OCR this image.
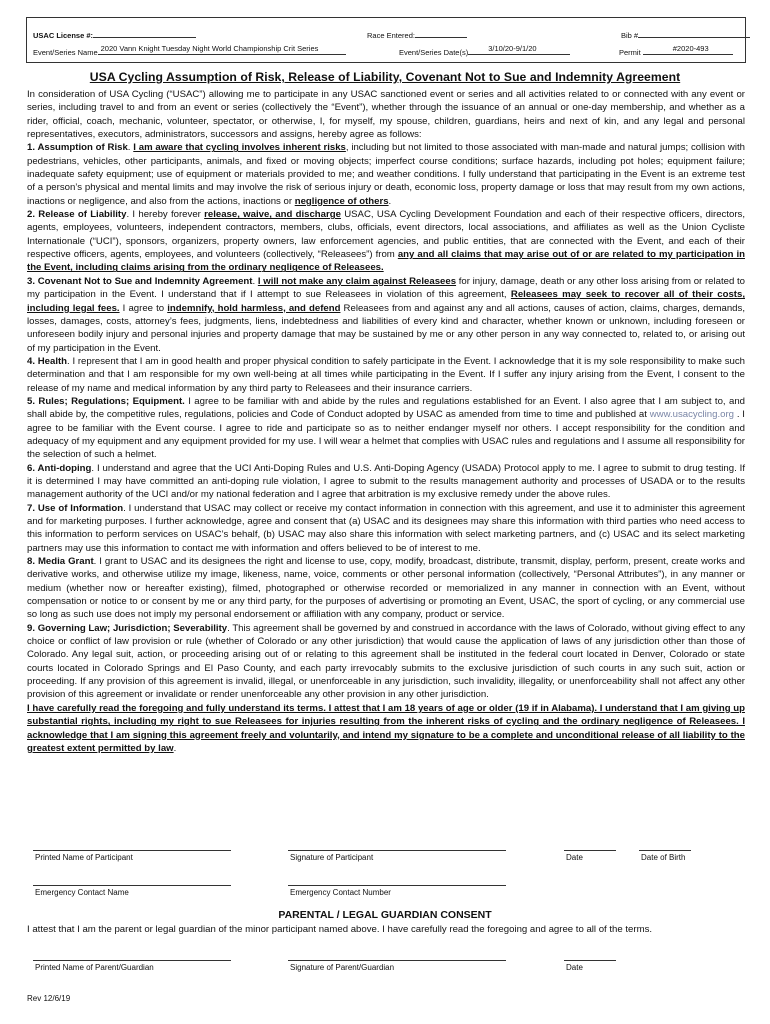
USAC License #:	Race Entered:	Bib #
Event/Series Name 2020 Vann Knight Tuesday Night World Championship Crit Series	Event/Series Date(s)	3/10/20-9/1/20	Permit	#2020-493
USA Cycling Assumption of Risk, Release of Liability, Covenant Not to Sue and Indemnity Agreement

In consideration of USA Cycling (“USAC”) allowing me to participate in any USAC sanctioned event or series and all activities related to or connected with any event or series, including travel to and from an event or series (collectively the “Event”), whether through the issuance of an annual or one-day membership, and whether as a rider, official, coach, mechanic, volunteer, spectator, or otherwise, I, for myself, my spouse, children, guardians, heirs and next of kin, and any legal and personal representatives, executors, administrators, successors and assigns, hereby agree as follows:

1. Assumption of Risk. I am aware that cycling involves inherent risks, including but not limited to those associated with man-made and natural jumps; collision with pedestrians, vehicles, other participants, animals, and fixed or moving objects; imperfect course conditions; surface hazards, including pot holes; equipment failure; inadequate safety equipment; use of equipment or materials provided to me; and weather conditions. I fully understand that participating in the Event is an extreme test of a person’s physical and mental limits and may involve the risk of serious injury or death, economic loss, property damage or loss that may result from my own actions, inactions or negligence, and also from the actions, inactions or negligence of others.

2. Release of Liability. I hereby forever release, waive, and discharge USAC, USA Cycling Development Foundation and each of their respective officers, directors, agents, employees, volunteers, independent contractors, members, clubs, officials, event directors, local associations, and affiliates as well as the Union Cycliste Internationale (“UCI”), sponsors, organizers, property owners, law enforcement agencies, and public entities, that are connected with the Event, and each of their respective officers, agents, employees, and volunteers (collectively, “Releasees”) from any and all claims that may arise out of or are related to my participation in the Event, including claims arising from the ordinary negligence of Releasees.

3. Covenant Not to Sue and Indemnity Agreement. I will not make any claim against Releasees for injury, damage, death or any other loss arising from or related to my participation in the Event. I understand that if I attempt to sue Releasees in violation of this agreement, Releasees may seek to recover all of their costs, including legal fees. I agree to indemnify, hold harmless, and defend Releasees from and against any and all actions, causes of action, claims, charges, demands, losses, damages, costs, attorney’s fees, judgments, liens, indebtedness and liabilities of every kind and character, whether known or unknown, including foreseen or unforeseen bodily injury and personal injuries and property damage that may be sustained by me or any other person in any way connected to, related to, or arising out of my participation in the Event.

4. Health. I represent that I am in good health and proper physical condition to safely participate in the Event. I acknowledge that it is my sole responsibility to make such determination and that I am responsible for my own well-being at all times while participating in the Event. If I suffer any injury arising from the Event, I consent to the release of my name and medical information by any third party to Releasees and their insurance carriers.

5. Rules; Regulations; Equipment. I agree to be familiar with and abide by the rules and regulations established for an Event. I also agree that I am subject to, and shall abide by, the competitive rules, regulations, policies and Code of Conduct adopted by USAC as amended from time to time and published at www.usacycling.org . I agree to be familiar with the Event course. I agree to ride and participate so as to neither endanger myself nor others. I accept responsibility for the condition and adequacy of my equipment and any equipment provided for my use. I will wear a helmet that complies with USAC rules and regulations and I assume all responsibility for the selection of such a helmet.

6. Anti-doping. I understand and agree that the UCI Anti-Doping Rules and U.S. Anti-Doping Agency (USADA) Protocol apply to me. I agree to submit to drug testing. If it is determined I may have committed an anti-doping rule violation, I agree to submit to the results management authority and processes of USADA or to the results management authority of the UCI and/or my national federation and I agree that arbitration is my exclusive remedy under the above rules.

7. Use of Information. I understand that USAC may collect or receive my contact information in connection with this agreement, and use it to administer this agreement and for marketing purposes. I further acknowledge, agree and consent that (a) USAC and its designees may share this information with third parties who need access to this information to perform services on USAC’s behalf, (b) USAC may also share this information with select marketing partners, and (c) USAC and its select marketing partners may use this information to contact me with information and offers believed to be of interest to me.

8. Media Grant. I grant to USAC and its designees the right and license to use, copy, modify, broadcast, distribute, transmit, display, perform, present, create works and derivative works, and otherwise utilize my image, likeness, name, voice, comments or other personal information (collectively, “Personal Attributes”), in any manner or medium (whether now or hereafter existing), filmed, photographed or otherwise recorded or memorialized in any manner in connection with an Event, without compensation or notice to or consent by me or any third party, for the purposes of advertising or promoting an Event, USAC, the sport of cycling, or any commercial use so long as such use does not imply my personal endorsement or affiliation with any company, product or service.

9. Governing Law; Jurisdiction; Severability. This agreement shall be governed by and construed in accordance with the laws of Colorado, without giving effect to any choice or conflict of law provision or rule (whether of Colorado or any other jurisdiction) that would cause the application of laws of any jurisdiction other than those of Colorado. Any legal suit, action, or proceeding arising out of or relating to this agreement shall be instituted in the federal court located in Denver, Colorado or state courts located in Colorado Springs and El Paso County, and each party irrevocably submits to the exclusive jurisdiction of such courts in any such suit, action or proceeding. If any provision of this agreement is invalid, illegal, or unenforceable in any jurisdiction, such invalidity, illegality, or unenforceability shall not affect any other provision of this agreement or invalidate or render unenforceable any other provision in any other jurisdiction.

I have carefully read the foregoing and fully understand its terms. I attest that I am 18 years of age or older (19 if in Alabama). I understand that I am giving up substantial rights, including my right to sue Releasees for injuries resulting from the inherent risks of cycling and the ordinary negligence of Releasees. I acknowledge that I am signing this agreement freely and voluntarily, and intend my signature to be a complete and unconditional release of all liability to the greatest extent permitted by law.

Printed Name of Participant	Signature of Participant	Date	Date of Birth
Emergency Contact Name	Emergency Contact Number
PARENTAL / LEGAL GUARDIAN CONSENT
I attest that I am the parent or legal guardian of the minor participant named above. I have carefully read the foregoing and agree to all of the terms.
Printed Name of Parent/Guardian	Signature of Parent/Guardian	Date
Rev 12/6/19
